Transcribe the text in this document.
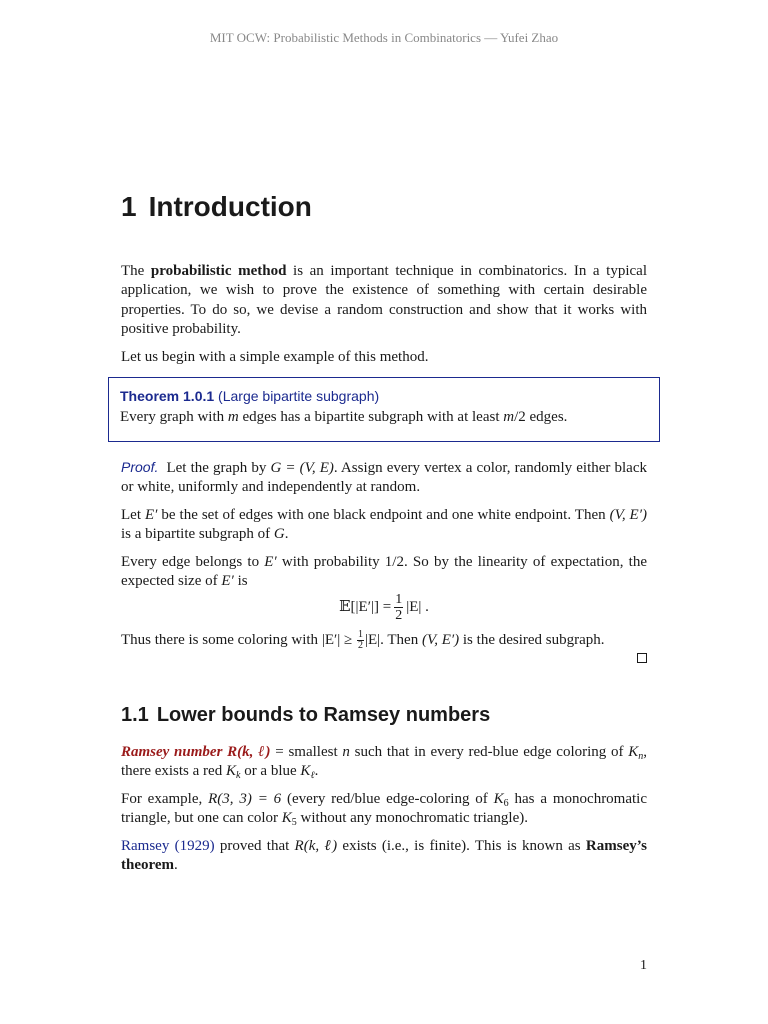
MIT OCW: Probabilistic Methods in Combinatorics — Yufei Zhao
1 Introduction

The probabilistic method is an important technique in combinatorics. In a typical application, we wish to prove the existence of something with certain desirable properties. To do so, we devise a random construction and show that it works with positive probability.

Let us begin with a simple example of this method.

Theorem 1.0.1 (Large bipartite subgraph)

Every graph with m edges has a bipartite subgraph with at least m/2 edges.

Proof. Let the graph by G = (V, E). Assign every vertex a color, randomly either black or white, uniformly and independently at random.

Let E′ be the set of edges with one black endpoint and one white endpoint. Then (V, E′) is a bipartite subgraph of G.

Every edge belongs to E′ with probability 1/2. So by the linearity of expectation, the expected size of E′ is

𝔼[|E′|] = $\frac{1}{2} |E|$ .

Thus there is some coloring with $|E'| \ge \frac{1}{2} |E|$. Then (V, E′) is the desired subgraph.

1.1 Lower bounds to Ramsey numbers

Ramsey number R(k, ℓ) = smallest n such that in every red-blue edge coloring of $K_n$, there exists a red $K_k$ or a blue $K_\ell$.

For example, R(3, 3) = 6 (every red/blue edge-coloring of $K_6$ has a monochromatic triangle, but one can color $K_5$ without any monochromatic triangle).

Ramsey (1929) proved that R(k, ℓ) exists (i.e., is finite). This is known as Ramsey’s theorem.

1
